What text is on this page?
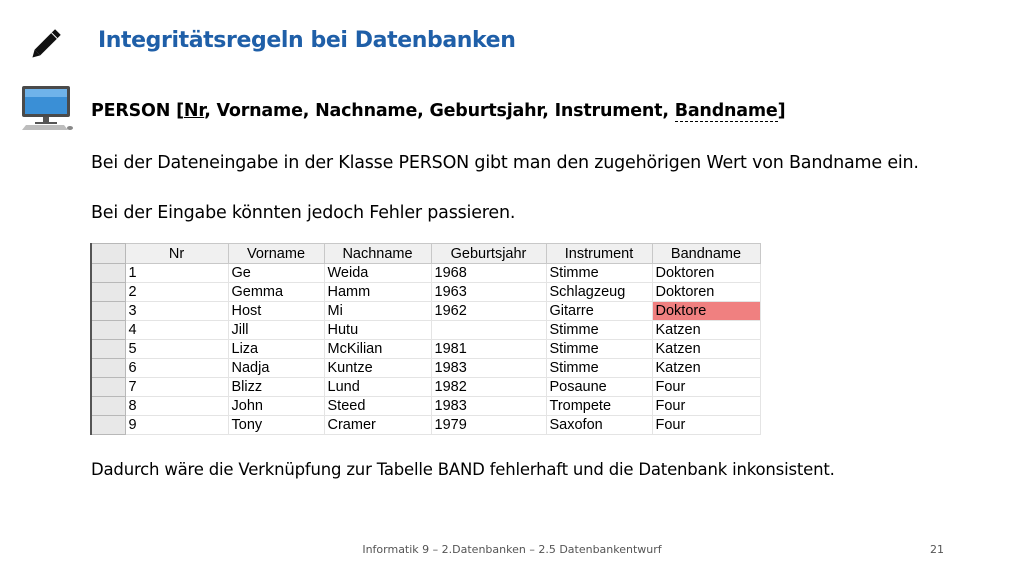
Integritätsregeln bei Datenbanken
PERSON [Nr, Vorname, Nachname, Geburtsjahr, Instrument, Bandname]
Bei der Dateneingabe in der Klasse PERSON gibt man den zugehörigen Wert von Bandname ein.
Bei der Eingabe könnten jedoch Fehler passieren.
	Nr	Vorname	Nachname	Geburtsjahr	Instrument	Bandname
	1	Ge	Weida	1968	Stimme	Doktoren
	2	Gemma	Hamm	1963	Schlagzeug	Doktoren
	3	Host	Mi	1962	Gitarre	Doktore
	4	Jill	Hutu		Stimme	Katzen
	5	Liza	McKilian	1981	Stimme	Katzen
	6	Nadja	Kuntze	1983	Stimme	Katzen
	7	Blizz	Lund	1982	Posaune	Four
	8	John	Steed	1983	Trompete	Four
	9	Tony	Cramer	1979	Saxofon	Four
Dadurch wäre die Verknüpfung zur Tabelle BAND fehlerhaft und die Datenbank inkonsistent.
Informatik 9 – 2.Datenbanken – 2.5 Datenbankentwurf	21
